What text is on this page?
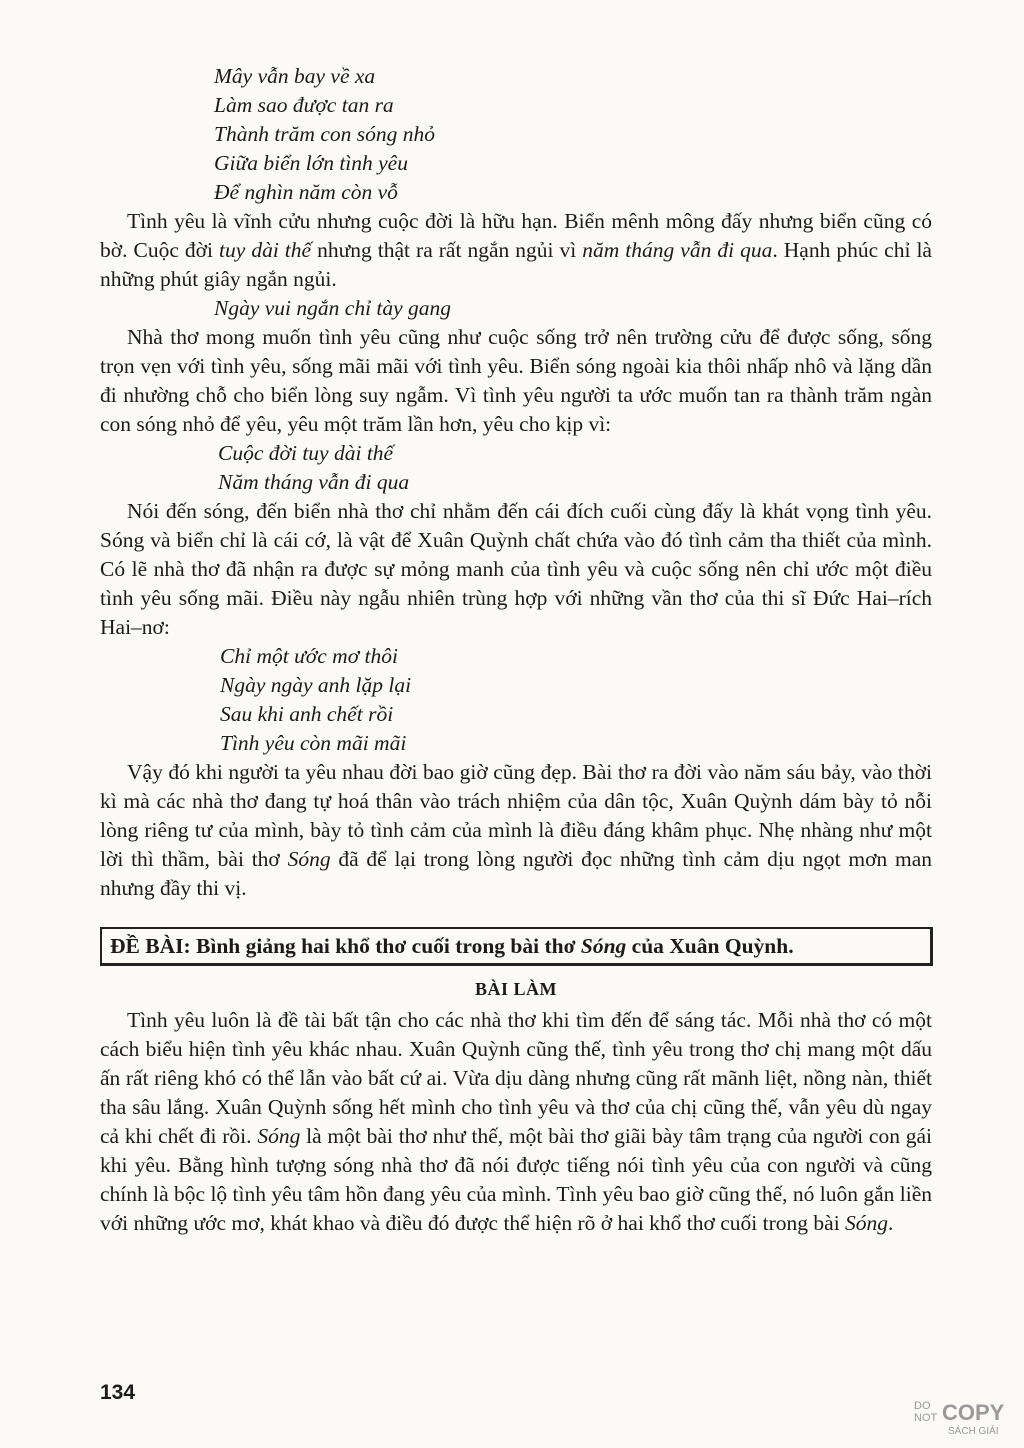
Mây vẫn bay về xa
Làm sao được tan ra
Thành trăm con sóng nhỏ
Giữa biển lớn tình yêu
Để nghìn năm còn vỗ

Tình yêu là vĩnh cửu nhưng cuộc đời là hữu hạn. Biển mênh mông đấy nhưng biển cũng có bờ. Cuộc đời tuy dài thế nhưng thật ra rất ngắn ngủi vì năm tháng vẫn đi qua. Hạnh phúc chỉ là những phút giây ngắn ngủi.

Ngày vui ngắn chỉ tày gang

Nhà thơ mong muốn tình yêu cũng như cuộc sống trở nên trường cửu để được sống, sống trọn vẹn với tình yêu, sống mãi mãi với tình yêu. Biển sóng ngoài kia thôi nhấp nhô và lặng dần đi nhường chỗ cho biển lòng suy ngẫm. Vì tình yêu người ta ước muốn tan ra thành trăm ngàn con sóng nhỏ để yêu, yêu một trăm lần hơn, yêu cho kịp vì:

Cuộc đời tuy dài thế
Năm tháng vẫn đi qua

Nói đến sóng, đến biển nhà thơ chỉ nhằm đến cái đích cuối cùng đấy là khát vọng tình yêu. Sóng và biển chỉ là cái cớ, là vật để Xuân Quỳnh chất chứa vào đó tình cảm tha thiết của mình. Có lẽ nhà thơ đã nhận ra được sự mỏng manh của tình yêu và cuộc sống nên chỉ ước một điều tình yêu sống mãi. Điều này ngẫu nhiên trùng hợp với những vần thơ của thi sĩ Đức Hai–rích Hai–nơ:

Chỉ một ước mơ thôi
Ngày ngày anh lặp lại
Sau khi anh chết rồi
Tình yêu còn mãi mãi

Vậy đó khi người ta yêu nhau đời bao giờ cũng đẹp. Bài thơ ra đời vào năm sáu bảy, vào thời kì mà các nhà thơ đang tự hoá thân vào trách nhiệm của dân tộc, Xuân Quỳnh dám bày tỏ nỗi lòng riêng tư của mình, bày tỏ tình cảm của mình là điều đáng khâm phục. Nhẹ nhàng như một lời thì thầm, bài thơ Sóng đã để lại trong lòng người đọc những tình cảm dịu ngọt mơn man nhưng đầy thi vị.

ĐỀ BÀI: Bình giảng hai khổ thơ cuối trong bài thơ Sóng của Xuân Quỳnh.
BÀI LÀM

Tình yêu luôn là đề tài bất tận cho các nhà thơ khi tìm đến để sáng tác. Mỗi nhà thơ có một cách biểu hiện tình yêu khác nhau. Xuân Quỳnh cũng thế, tình yêu trong thơ chị mang một dấu ấn rất riêng khó có thể lẫn vào bất cứ ai. Vừa dịu dàng nhưng cũng rất mãnh liệt, nồng nàn, thiết tha sâu lắng. Xuân Quỳnh sống hết mình cho tình yêu và thơ của chị cũng thế, vẫn yêu dù ngay cả khi chết đi rồi. Sóng là một bài thơ như thế, một bài thơ giãi bày tâm trạng của người con gái khi yêu. Bằng hình tượng sóng nhà thơ đã nói được tiếng nói tình yêu của con người và cũng chính là bộc lộ tình yêu tâm hồn đang yêu của mình. Tình yêu bao giờ cũng thế, nó luôn gắn liền với những ước mơ, khát khao và điều đó được thể hiện rõ ở hai khổ thơ cuối trong bài Sóng.

134
DO
NOT COPY
SÁCH GIẢI
